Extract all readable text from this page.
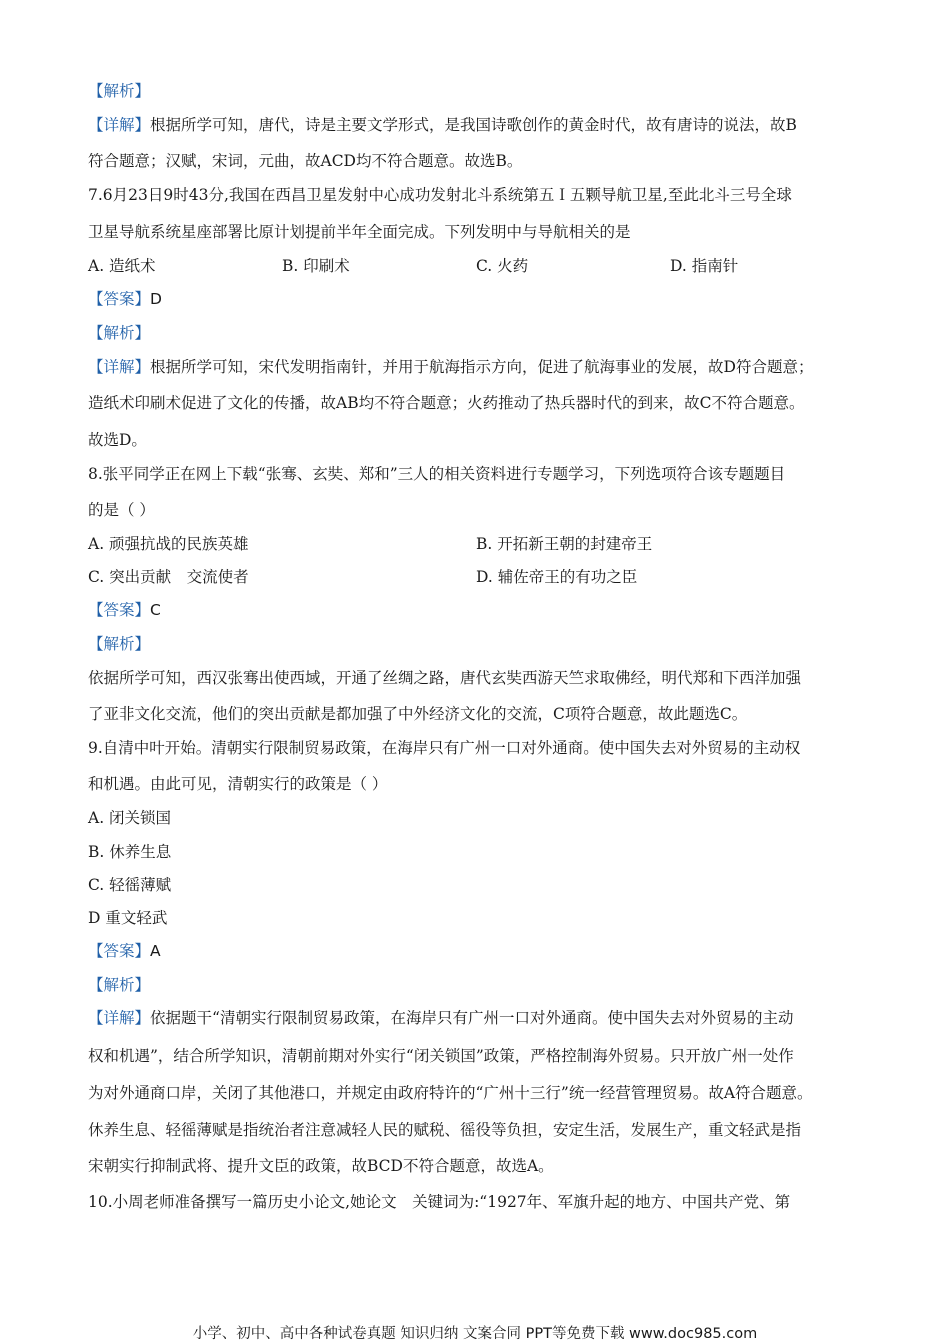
【解析】
【详解】根据所学可知，唐代，诗是主要文学形式，是我国诗歌创作的黄金时代，故有唐诗的说法，故B
符合题意；汉赋，宋词，元曲，故ACD均不符合题意。故选B。
7.6月23日9时43分,我国在西昌卫星发射中心成功发射北斗系统第五Ｉ五颗导航卫星,至此北斗三号全球
卫星导航系统星座部署比原计划提前半年全面完成。下列发明中与导航相关的是
A. 造纸术	B. 印刷术	C. 火药	D. 指南针
【答案】D
【解析】
【详解】根据所学可知，宋代发明指南针，并用于航海指示方向，促进了航海事业的发展，故D符合题意；
造纸术印刷术促进了文化的传播，故AB均不符合题意；火药推动了热兵器时代的到来，故C不符合题意。
故选D。
8.张平同学正在网上下载“张骞、玄奘、郑和”三人的相关资料进行专题学习，下列选项符合该专题题目
的是（ ）
A. 顽强抗战的民族英雄	B. 开拓新王朝的封建帝王
C. 突出贡献　交流使者	D. 辅佐帝王的有功之臣
【答案】C
【解析】
依据所学可知，西汉张骞出使西域，开通了丝绸之路，唐代玄奘西游天竺求取佛经，明代郑和下西洋加强
了亚非文化交流，他们的突出贡献是都加强了中外经济文化的交流，C项符合题意，故此题选C。
9.自清中叶开始。清朝实行限制贸易政策，在海岸只有广州一口对外通商。使中国失去对外贸易的主动权
和机遇。由此可见，清朝实行的政策是（ ）
A. 闭关锁国
B. 休养生息
C. 轻徭薄赋
D 重文轻武
【答案】A
【解析】
【详解】依据题干“清朝实行限制贸易政策，在海岸只有广州一口对外通商。使中国失去对外贸易的主动
权和机遇”，结合所学知识，清朝前期对外实行“闭关锁国”政策，严格控制海外贸易。只开放广州一处作
为对外通商口岸，关闭了其他港口，并规定由政府特许的“广州十三行”统一经营管理贸易。故A符合题意。
休养生息、轻徭薄赋是指统治者注意减轻人民的赋税、徭役等负担，安定生活，发展生产，重文轻武是指
宋朝实行抑制武将、提升文臣的政策，故BCD不符合题意，故选A。
10.小周老师准备撰写一篇历史小论文,她论文　关键词为:“1927年、军旗升起的地方、中国共产党、第
小学、初中、高中各种试卷真题 知识归纳 文案合同 PPT等免费下载 www.doc985.com
